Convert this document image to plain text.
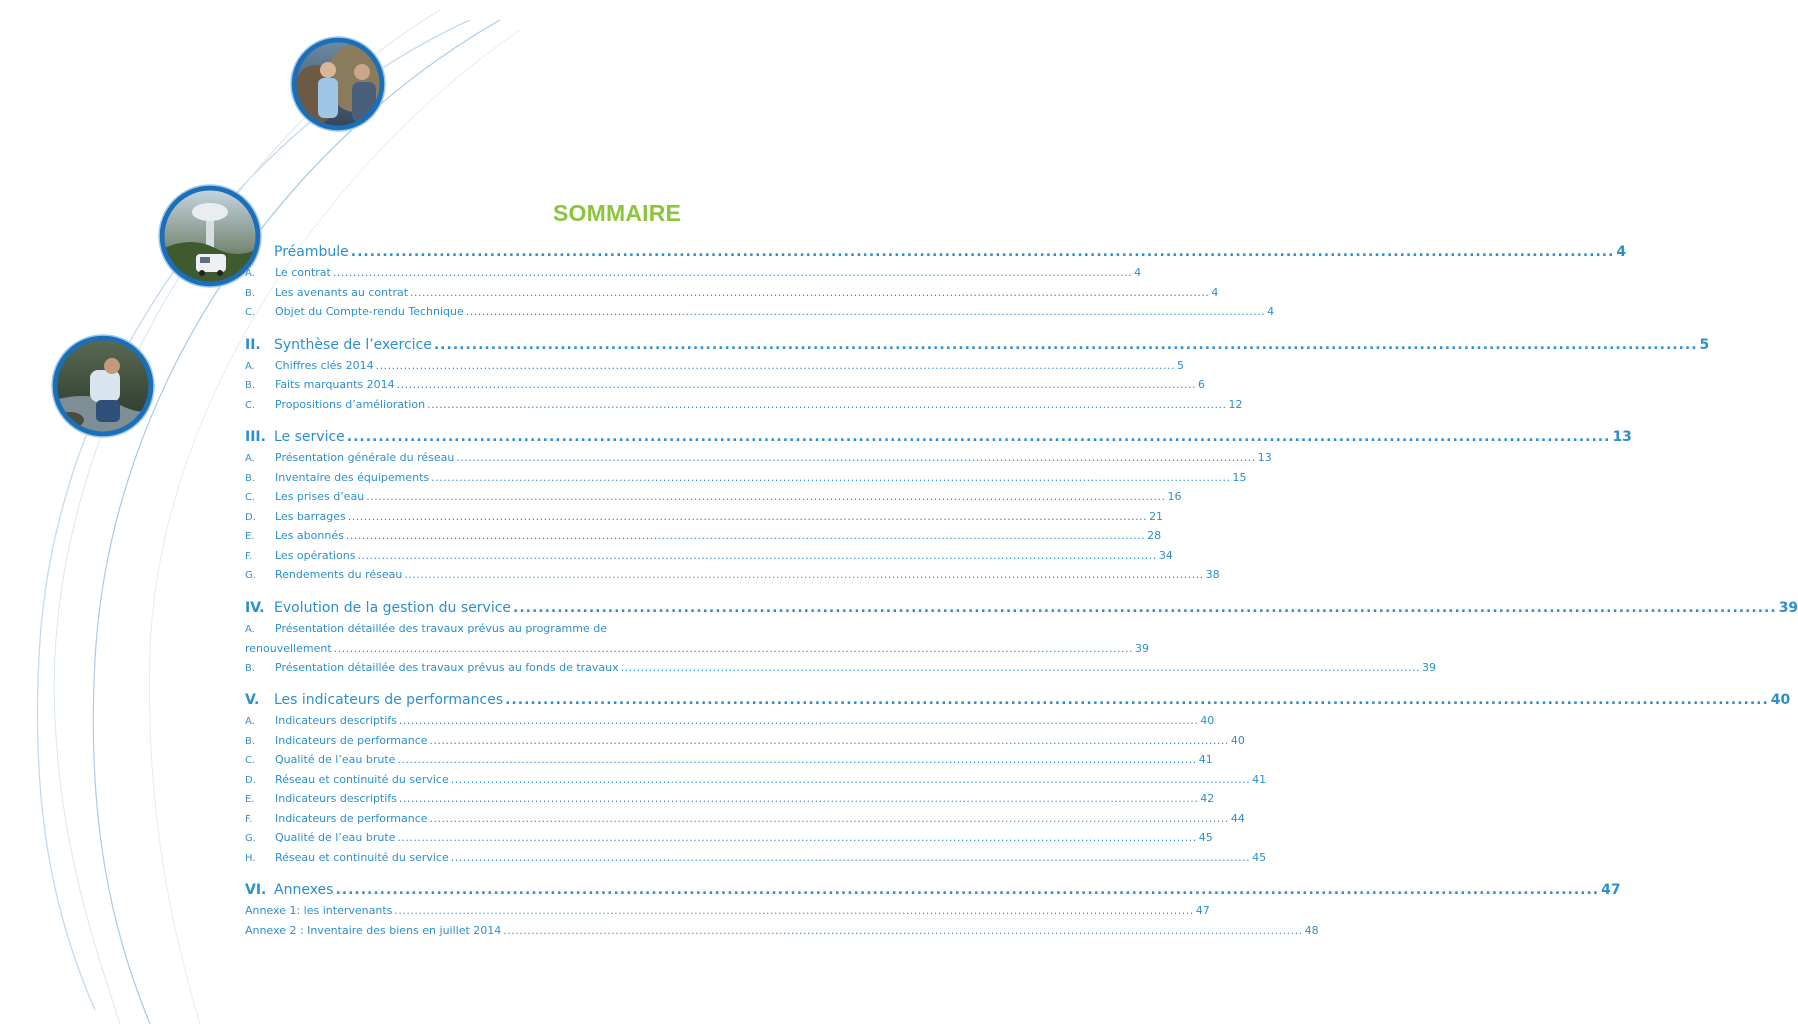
SOMMAIRE
Préambule ........................................................................................................................................................................................................ 4
A.	Le contrat ........................................................................................................................................................................................................ 4
B.	Les avenants au contrat ........................................................................................................................................................................................................ 4
C.	Objet du Compte-rendu Technique ........................................................................................................................................................................................................ 4
II. Synthèse de l’exercice ........................................................................................................................................................................................................ 5
A.	Chiffres clés 2014 ........................................................................................................................................................................................................ 5
B.	Faits marquants 2014 ........................................................................................................................................................................................................ 6
C.	Propositions d’amélioration ........................................................................................................................................................................................................ 12
III. Le service ........................................................................................................................................................................................................ 13
A.	Présentation générale du réseau ........................................................................................................................................................................................................ 13
B.	Inventaire des équipements ........................................................................................................................................................................................................ 15
C.	Les prises d’eau ........................................................................................................................................................................................................ 16
D.	Les barrages ........................................................................................................................................................................................................ 21
E.	Les abonnés ........................................................................................................................................................................................................ 28
F.	Les opérations ........................................................................................................................................................................................................ 34
G.	Rendements du réseau ........................................................................................................................................................................................................ 38
IV. Evolution de la gestion du service ........................................................................................................................................................................................................ 39
A.	Présentation détaillée des travaux prévus au programme de
renouvellement ........................................................................................................................................................................................................ 39
B.	Présentation détaillée des travaux prévus au fonds de travaux ........................................................................................................................................................................................................ 39
V.	Les indicateurs de performances ........................................................................................................................................................................................................ 40
A.	Indicateurs descriptifs ........................................................................................................................................................................................................ 40
B.	Indicateurs de performance ........................................................................................................................................................................................................ 40
C.	Qualité de l’eau brute ........................................................................................................................................................................................................ 41
D.	Réseau et continuité du service ........................................................................................................................................................................................................ 41
E.	Indicateurs descriptifs ........................................................................................................................................................................................................ 42
F.	Indicateurs de performance ........................................................................................................................................................................................................ 44
G.	Qualité de l’eau brute ........................................................................................................................................................................................................ 45
H.	Réseau et continuité du service ........................................................................................................................................................................................................ 45
VI. Annexes ........................................................................................................................................................................................................ 47
Annexe 1: les intervenants ........................................................................................................................................................................................................ 47
Annexe 2 : Inventaire des biens en juillet 2014 ........................................................................................................................................................................................................ 48
